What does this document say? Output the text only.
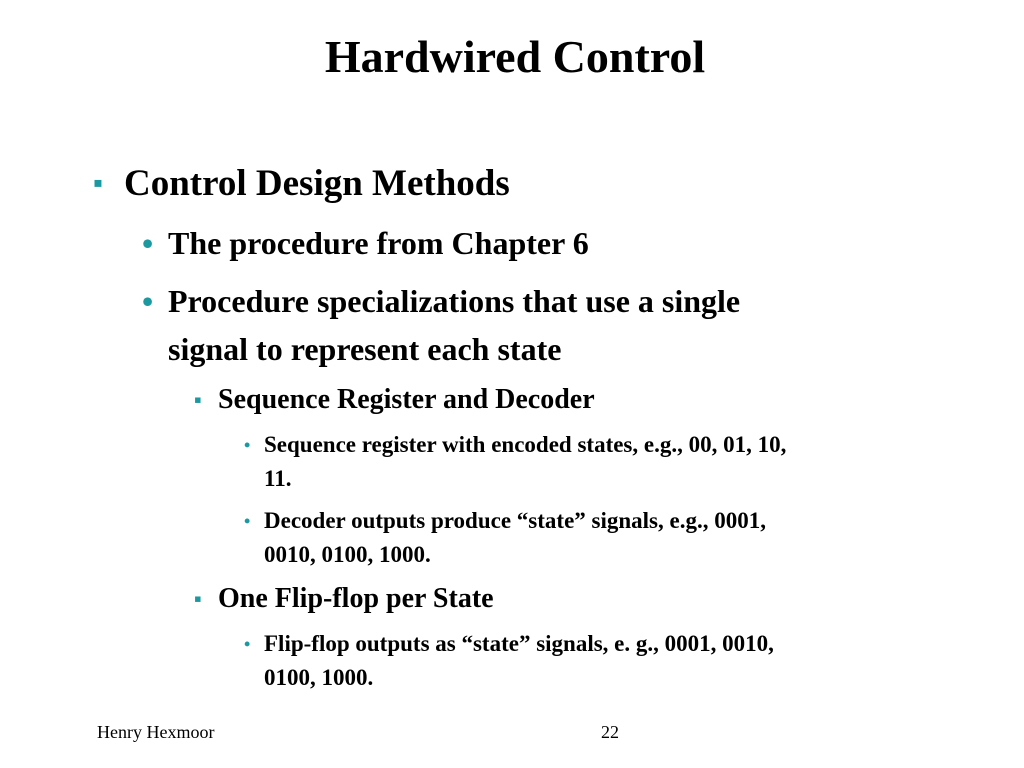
Hardwired Control
▪ Control Design Methods
• The procedure from Chapter 6
• Procedure specializations that use a single
signal to represent each state
▪ Sequence Register and Decoder
• Sequence register with encoded states, e.g., 00, 01, 10,
11.
• Decoder outputs produce “state” signals, e.g., 0001,
0010, 0100, 1000.
▪ One Flip-flop per State
• Flip-flop outputs as “state” signals, e. g., 0001, 0010,
0100, 1000.
Henry Hexmoor	22
